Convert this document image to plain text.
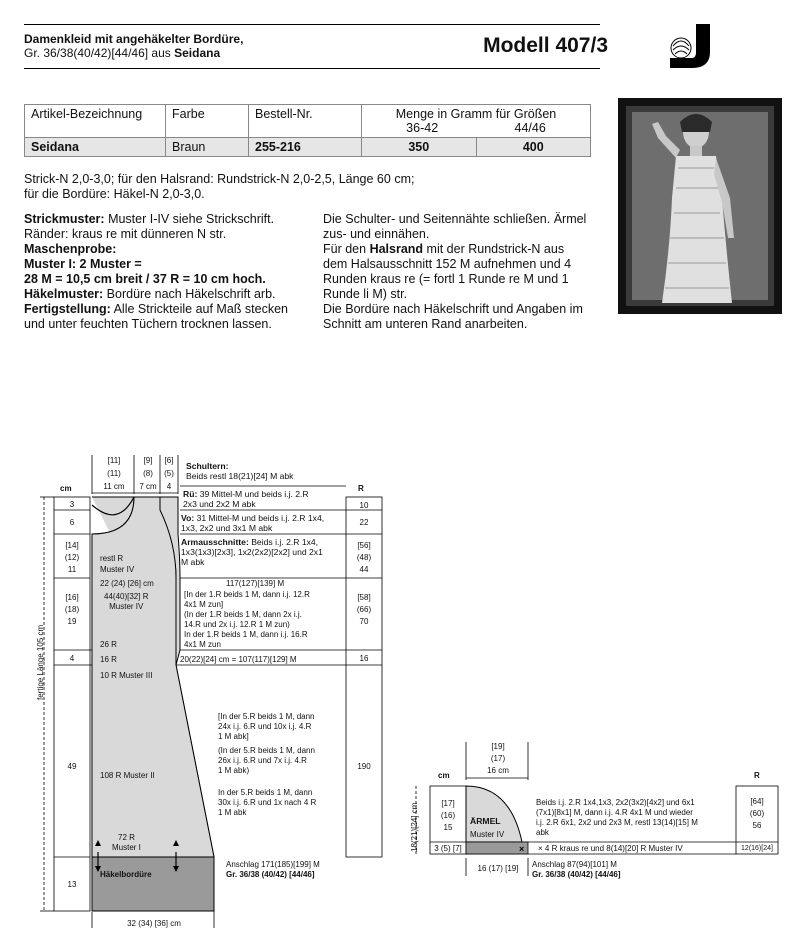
Damenkleid mit angehäkelter Bordüre,
Gr. 36/38(40/42)[44/46] aus Seidana	Modell 407/3
Artikel-Bezeichnung	Farbe	Bestell-Nr.	Menge in Gramm für Größen
36-42 44/46	

Seidana	Braun	255-216	350	400
Strick-N 2,0-3,0; für den Halsrand: Rundstrick-N 2,0-2,5, Länge 60 cm;
für die Bordüre: Häkel-N 2,0-3,0.
Strickmuster: Muster I-IV siehe Strickschrift.
Ränder: kraus re mit dünneren N str.
Maschenprobe:
Muster I: 2 Muster =
28 M = 10,5 cm breit / 37 R = 10 cm hoch.
Häkelmuster: Bordüre nach Häkelschrift arb.
Fertigstellung: Alle Strickteile auf Maß stecken
und unter feuchten Tüchern trocknen lassen.
Die Schulter- und Seitennähte schließen. Ärmel
zus- und einnähen.
Für den Halsrand mit der Rundstrick-N aus
dem Halsausschnitt 152 M aufnehmen und 4
Runden kraus re (= fortl 1 Runde re M und 1
Runde li M) str.
Die Bordüre nach Häkelschrift und Angaben im
Schnitt am unteren Rand anarbeiten.
[11]
(11)
11 cm
[9]
(8)
7 cm
[6]
(5)
4
cm	R
Schultern:
Beids restl 18(21)[24] M abk
Rü: 39 Mittel-M und beids i.j. 2.R
2x3 und 2x2 M abk
Vo: 31 Mittel-M und beids i.j. 2.R 1x4,
1x3, 2x2 und 3x1 M abk
Armausschnitte: Beids i.j. 2.R 1x4,
1x3(1x3)[2x3], 1x2(2x2)[2x2] und 2x1
M abk
3
6
[14]
(12)
11
[16]
(18)
19
4
49
13
10
22
[56]
(48)
44
[58]
(66)
70
16
190
restl R
Muster IV
22 (24) [26] cm
44(40)[32] R
Muster IV
117(127)[139] M
[In der 1.R beids 1 M, dann i.j. 12.R
4x1 M zun]
(In der 1.R beids 1 M, dann 2x i.j.
14.R und 2x i.j. 12.R 1 M zun)
In der 1.R beids 1 M, dann i.j. 16.R
4x1 M zun
26 R
16 R	20(22)[24] cm = 107(117)[129] M
10 R Muster III
fertige Länge 105 cm
[In der 5.R beids 1 M, dann
24x i.j. 6.R und 10x i.j. 4.R
1 M abk]
(In der 5.R beids 1 M, dann
26x i.j. 6.R und 7x i.j. 4.R
1 M abk)
In der 5.R beids 1 M, dann
30x i.j. 6.R und 1x nach 4 R
1 M abk
108 R Muster II
72 R
Muster I
Häkelbordüre
Anschlag 171(185)[199] M
Gr. 36/38 (40/42) [44/46]
32 (34) [36] cm
×
[19]
(17)
16 cm
cm	R
18(21)[24] cm	[17]
(16)
15
3 (5) [7]
ÄRMEL
Muster IV
Beids i.j. 2.R 1x4,1x3, 2x2(3x2)[4x2] und 6x1
(7x1)[8x1] M, dann i.j. 4.R 4x1 M und wieder
i.j. 2.R 6x1, 2x2 und 2x3 M, restl 13(14)[15] M
abk
[64]
(60)
56
12(16)[24]
× 4 R kraus re und 8(14)[20] R Muster IV
16 (17) [19]	Anschlag 87(94)[101] M
Gr. 36/38 (40/42) [44/46]
